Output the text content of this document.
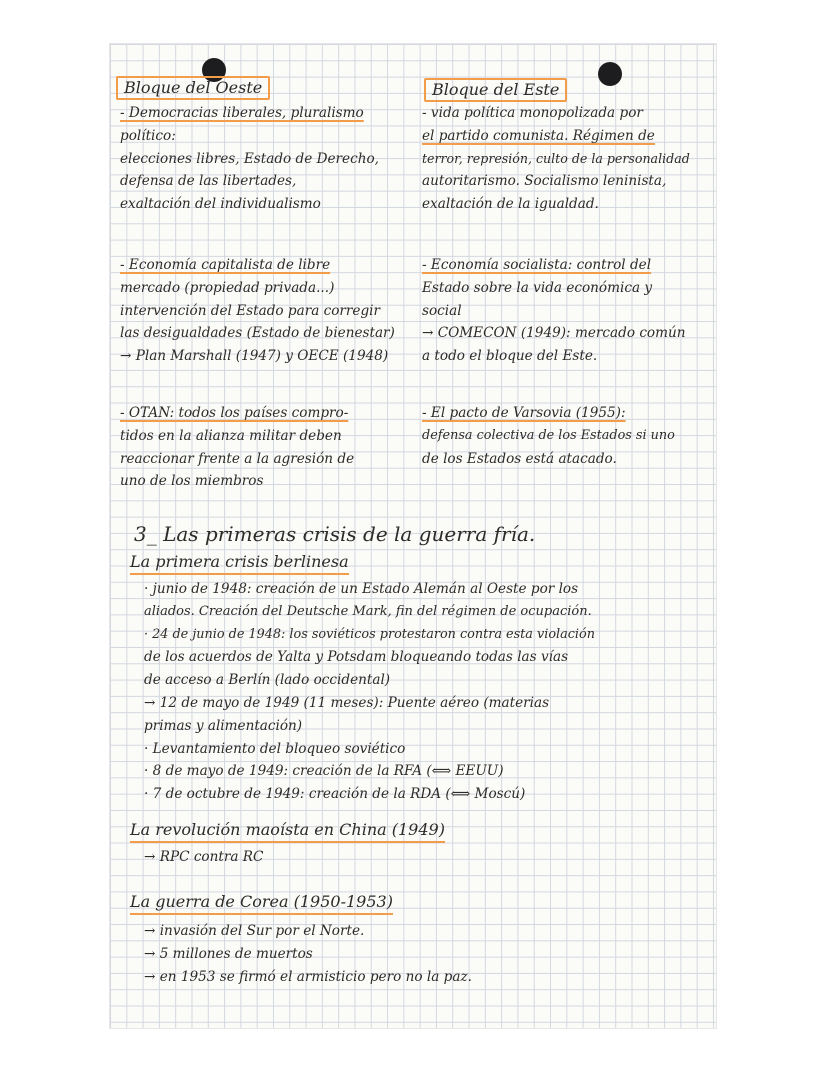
Bloque del Oeste	Bloque del Este
- Democracias liberales, pluralismo
político:
elecciones libres, Estado de Derecho,
defensa de las libertades,
exaltación del individualismo
- Economía capitalista de libre
mercado (propiedad privada...)
intervención del Estado para corregir
las desigualdades (Estado de bienestar)
→ Plan Marshall (1947) y OECE (1948)
- OTAN: todos los países compro-
tidos en la alianza militar deben
reaccionar frente a la agresión de
uno de los miembros
- vida política monopolizada por
el partido comunista. Régimen de
terror, represión, culto de la personalidad
autoritarismo. Socialismo leninista,
exaltación de la igualdad.
- Economía socialista: control del
Estado sobre la vida económica y
social
→ COMECON (1949): mercado común
a todo el bloque del Este.
- El pacto de Varsovia (1955):
defensa colectiva de los Estados si uno
de los Estados está atacado.
3_ Las primeras crisis de la guerra fría.
La primera crisis berlinesa
· junio de 1948: creación de un Estado Alemán al Oeste por los
aliados. Creación del Deutsche Mark, fin del régimen de ocupación.
· 24 de junio de 1948: los soviéticos protestaron contra esta violación
de los acuerdos de Yalta y Potsdam bloqueando todas las vías
de acceso a Berlín (lado occidental)
→ 12 de mayo de 1949 (11 meses): Puente aéreo (materias
primas y alimentación)
· Levantamiento del bloqueo soviético
· 8 de mayo de 1949: creación de la RFA (⟺ EEUU)
· 7 de octubre de 1949: creación de la RDA (⟺ Moscú)
La revolución maoísta en China (1949)
→ RPC contra RC
La guerra de Corea (1950-1953)
→ invasión del Sur por el Norte.
→ 5 millones de muertos
→ en 1953 se firmó el armisticio pero no la paz.
